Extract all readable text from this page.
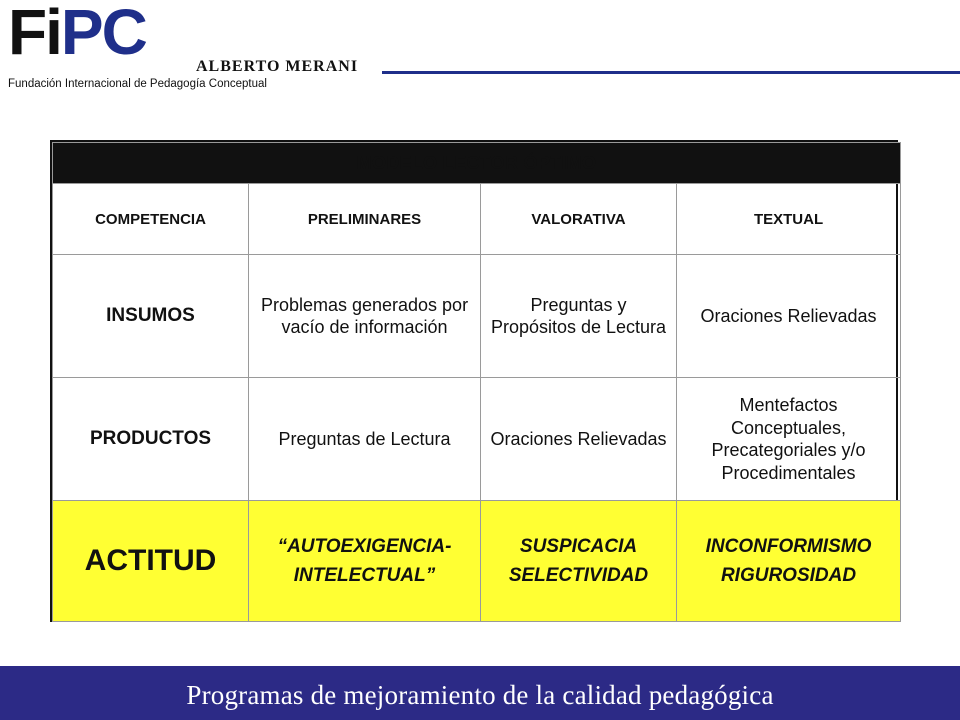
FiPC	ALBERTO MERANI
Fundación Internacional de Pedagogía Conceptual
MODELO LECTOR ÓPTIMO			
COMPETENCIA	PRELIMINARES	VALORATIVA	TEXTUAL
INSUMOS	Problemas generados por vacío de información	Preguntas y Propósitos de Lectura	Oraciones Relievadas
PRODUCTOS	Preguntas de Lectura	Oraciones Relievadas	Mentefactos Conceptuales, Precategoriales y/o Procedimentales
ACTITUD	“AUTOEXIGENCIA-INTELECTUAL”	SUSPICACIA SELECTIVIDAD	INCONFORMISMO RIGUROSIDAD
Programas de mejoramiento de la calidad pedagógica
